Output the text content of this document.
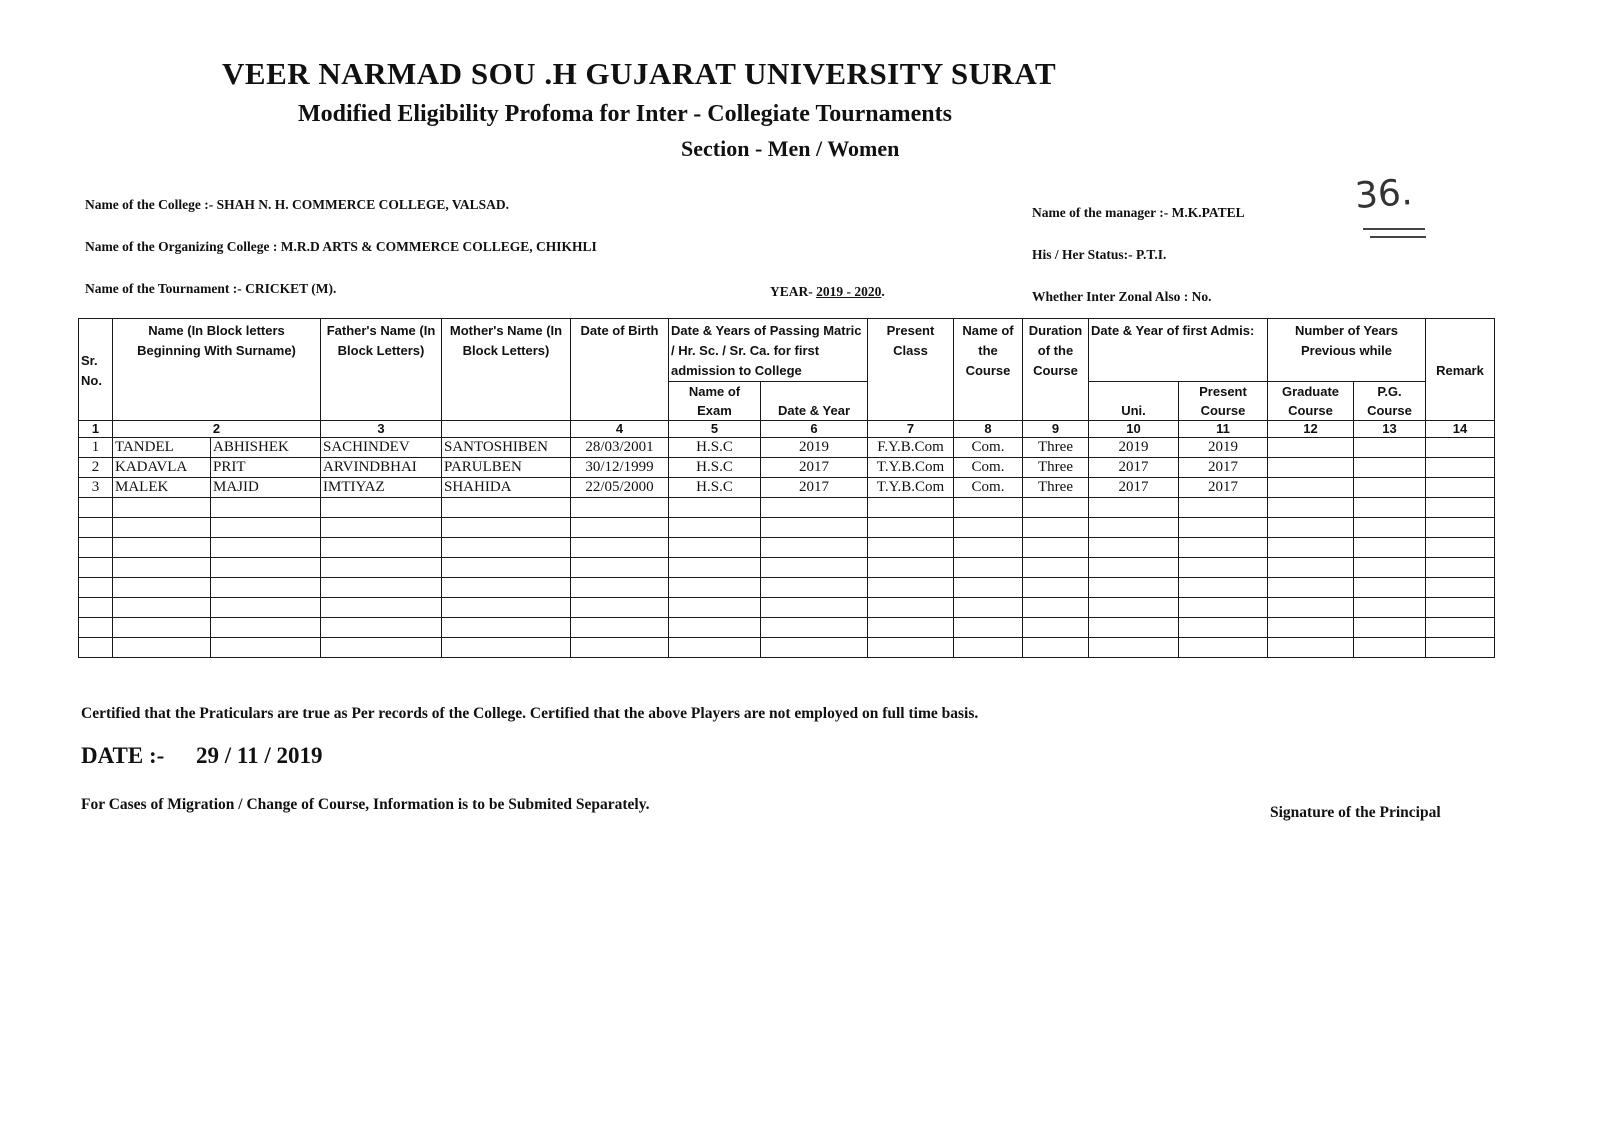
VEER NARMAD SOU .H GUJARAT UNIVERSITY SURAT
Modified Eligibility Profoma for Inter - Collegiate Tournaments
Section - Men / Women
Name of the College :- SHAH N. H. COMMERCE COLLEGE, VALSAD.
Name of the Organizing College : M.R.D ARTS & COMMERCE COLLEGE, CHIKHLI
Name of the Tournament :- CRICKET (M).	YEAR- 2019 - 2020.
Name of the manager :- M.K.PATEL
His / Her Status:- P.T.I.
Whether Inter Zonal Also : No.
36.
Sr. No.	Name (In Block letters Beginning With Surname)		Father's Name (In Block Letters)	Mother's Name (In Block Letters)	Date of Birth	Date & Years of Passing Matric / Hr. Sc. / Sr. Ca. for first admission to College		Present Class	Name of the Course	Duration of the Course	Date & Year of first Admis:		Number of Years Previous while		Remark
						Name of Exam	Date & Year				Uni.	Present Course	Graduate Course	P.G. Course	
1	2		3		4	5	6	7	8	9	10	11	12	13	14
1	TANDEL	ABHISHEK	SACHINDEV	SANTOSHIBEN	28/03/2001	H.S.C	2019	F.Y.B.Com	Com.	Three	2019	2019			
2	KADAVLA	PRIT	ARVINDBHAI	PARULBEN	30/12/1999	H.S.C	2017	T.Y.B.Com	Com.	Three	2017	2017			
3	MALEK	MAJID	IMTIYAZ	SHAHIDA	22/05/2000	H.S.C	2017	T.Y.B.Com	Com.	Three	2017	2017			

Certified that the Praticulars are true as Per records of the College. Certified that the above Players are not employed on full time basis.
DATE :- 29 / 11 / 2019
For Cases of Migration / Change of Course, Information is to be Submited Separately.	Signature of the Principal
